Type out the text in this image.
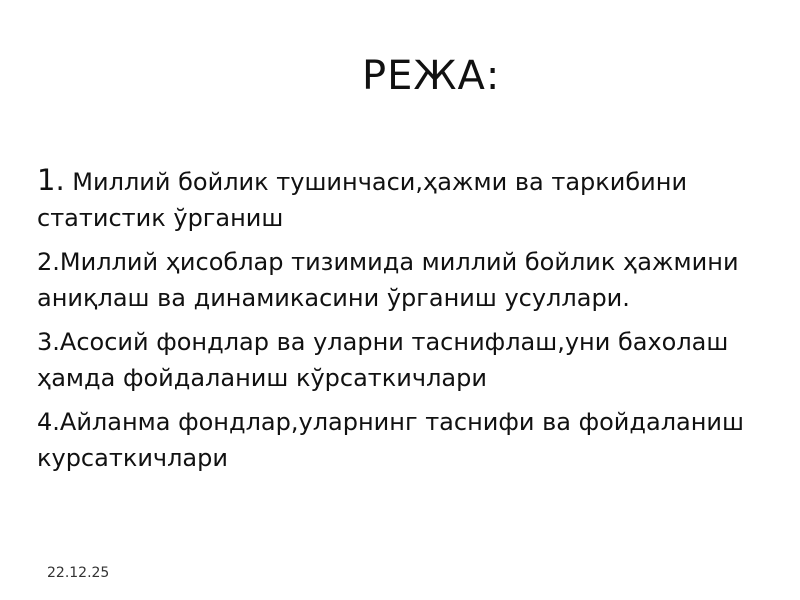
РЕЖА:

1. Миллий бойлик тушинчаси,ҳажми ва таркибини статистик ўрганиш

2.Миллий ҳисоблар тизимида миллий бойлик ҳажмини аниқлаш ва динамикасини ўрганиш усуллари.

3.Асосий фондлар ва уларни таснифлаш,уни бахолаш ҳамда фойдаланиш кўрсаткичлари

4.Айланма фондлар,уларнинг таснифи ва фойдаланиш курсаткичлари

22.12.25
